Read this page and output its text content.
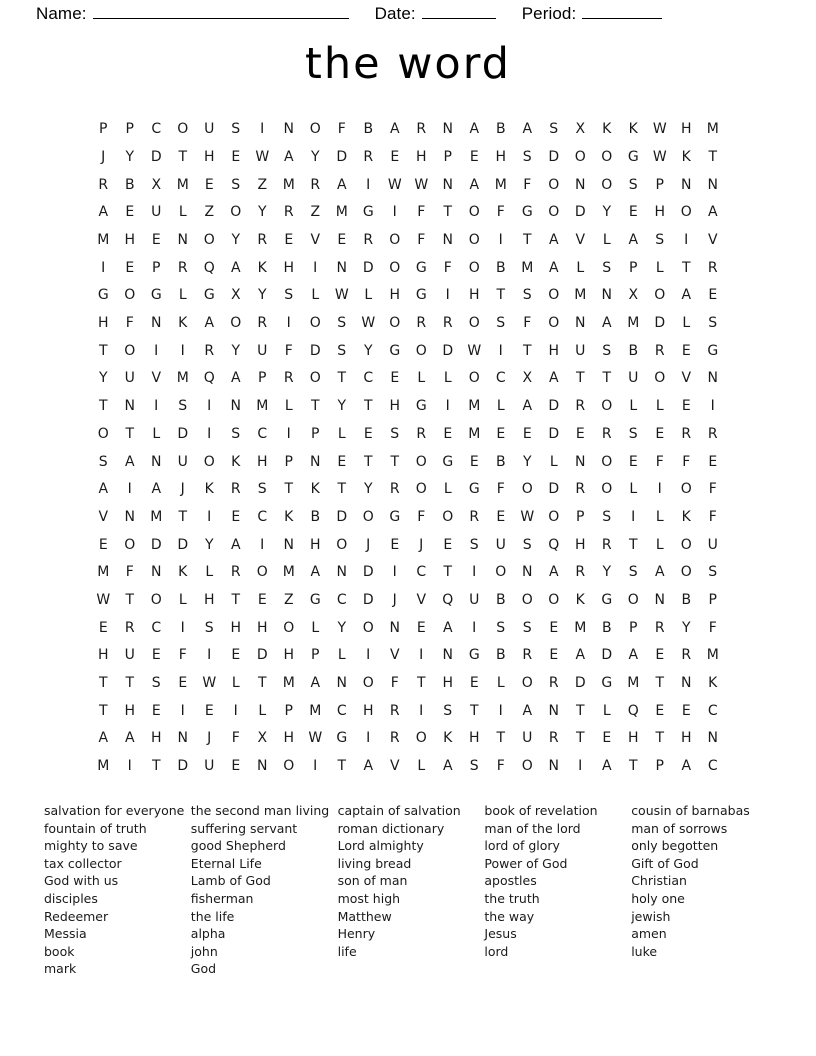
Name:	Date:	Period:
the word
P P C O U S I N O F B A R N A B A S X K K W H M
J Y D T H E W A Y D R E H P E H S D O O G W K T
R B X M E S Z M R A I W W N A M F O N O S P N N
A E U L Z O Y R Z M G I F T O F G O D Y E H O A
M H E N O Y R E V E R O F N O I T A V L A S I V
I E P R Q A K H I N D O G F O B M A L S P L T R
G O G L G X Y S L W L H G I H T S O M N X O A E
H F N K A O R I O S W O R R O S F O N A M D L S
T O I I R Y U F D S Y G O D W I T H U S B R E G
Y U V M Q A P R O T C E L L O C X A T T U O V N
T N I S I N M L T Y T H G I M L A D R O L L E I
O T L D I S C I P L E S R E M E E D E R S E R R
S A N U O K H P N E T T O G E B Y L N O E F F E
A I A J K R S T K T Y R O L G F O D R O L I O F
V N M T I E C K B D O G F O R E W O P S I L K F
E O D D Y A I N H O J E J E S U S Q H R T L O U
M F N K L R O M A N D I C T I O N A R Y S A O S
W T O L H T E Z G C D J V Q U B O O K G O N B P
E R C I S H H O L Y O N E A I S S E M B P R Y F
H U E F I E D H P L I V I N G B R E A D A E R M
T T S E W L T M A N O F T H E L O R D G M T N K
T H E I E I L P M C H R I S T I A N T L Q E E C
A A H N J F X H W G I R O K H T U R T E H T H N
M I T D U E N O I T A V L A S F O N I A T P A C
salvation for everyone
fountain of truth
mighty to save
tax collector
God with us
disciples
Redeemer
Messia
book
mark
the second man living
suffering servant
good Shepherd
Eternal Life
Lamb of God
fisherman
the life
alpha
john
God
captain of salvation
roman dictionary
Lord almighty
living bread
son of man
most high
Matthew
Henry
life
book of revelation
man of the lord
lord of glory
Power of God
apostles
the truth
the way
Jesus
lord
cousin of barnabas
man of sorrows
only begotten
Gift of God
Christian
holy one
jewish
amen
luke
